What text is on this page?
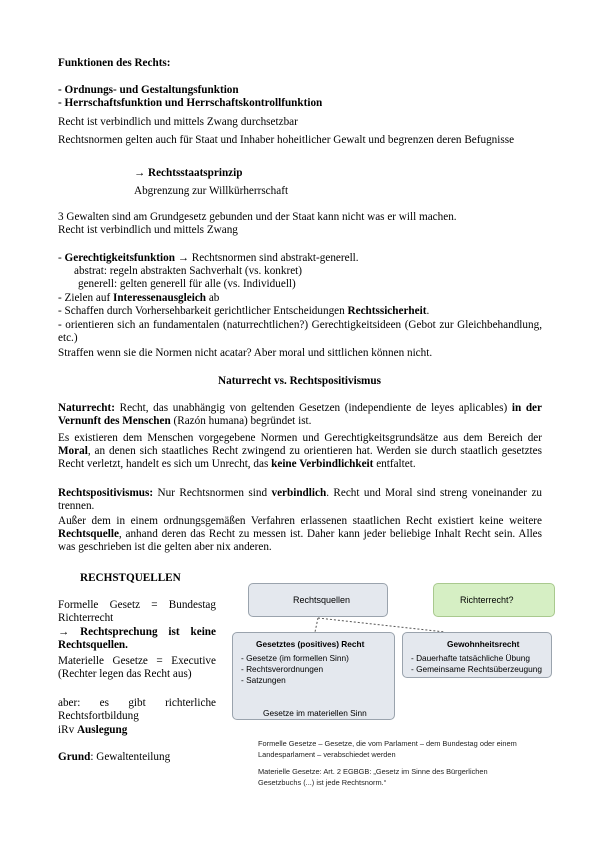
Funktionen des Rechts:
- Ordnungs- und Gestaltungsfunktion
- Herrschaftsfunktion und Herrschaftskontrollfunktion
Recht ist verbindlich und mittels Zwang durchsetzbar
Rechtsnormen gelten auch für Staat und Inhaber hoheitlicher Gewalt und begrenzen deren Befugnisse
→ Rechtsstaatsprinzip
Abgrenzung zur Willkürherrschaft
3 Gewalten sind am Grundgesetz gebunden und der Staat kann nicht was er will machen.
Recht ist verbindlich und mittels Zwang
- Gerechtigkeitsfunktion → Rechtsnormen sind abstrakt-generell.
abstrat: regeln abstrakten Sachverhalt (vs. konkret)
generell: gelten generell für alle (vs. Individuell)
- Zielen auf Interessenausgleich ab
- Schaffen durch Vorhersehbarkeit gerichtlicher Entscheidungen Rechtssicherheit.
- orientieren sich an fundamentalen (naturrechtlichen?) Gerechtigkeitsideen (Gebot zur Gleichbehandlung, etc.)
Straffen wenn sie die Normen nicht acatar? Aber moral und sittlichen können nicht.
Naturrecht vs. Rechtspositivismus
Naturrecht: Recht, das unabhängig von geltenden Gesetzen (independiente de leyes aplicables) in der Vernunft des Menschen (Razón humana) begründet ist.
Es existieren dem Menschen vorgegebene Normen und Gerechtigkeitsgrundsätze aus dem Bereich der Moral, an denen sich staatliches Recht zwingend zu orientieren hat. Werden sie durch staatlich gesetztes Recht verletzt, handelt es sich um Unrecht, das keine Verbindlichkeit entfaltet.
Rechtspositivismus: Nur Rechtsnormen sind verbindlich. Recht und Moral sind streng voneinander zu trennen.
Außer dem in einem ordnungsgemäßen Verfahren erlassenen staatlichen Recht existiert keine weitere Rechtsquelle, anhand deren das Recht zu messen ist. Daher kann jeder beliebige Inhalt Recht sein. Alles was geschrieben ist die gelten aber nix anderen.
RECHSTQUELLEN
Formelle Gesetz = Bundestag Richterrecht
→ Rechtsprechung ist keine Rechtsquellen.
Materielle Gesetze = Executive (Rechter legen das Recht aus)
aber: es gibt richterliche Rechtsfortbildung
iRv Auslegung
Grund: Gewaltenteilung
Rechtsquellen	Richterrecht?
Gesetztes (positives) Recht
- Gesetze (im formellen Sinn)
- Rechtsverordnungen
- Satzungen
Gesetze im materiellen Sinn
Gewohnheitsrecht
- Dauerhafte tatsächliche Übung
- Gemeinsame Rechtsüberzeugung
Formelle Gesetze – Gesetze, die vom Parlament – dem Bundestag oder einem
Landesparlament – verabschiedet werden
Materielle Gesetze: Art. 2 EGBGB: „Gesetz im Sinne des Bürgerlichen
Gesetzbuchs (...) ist jede Rechtsnorm.“
